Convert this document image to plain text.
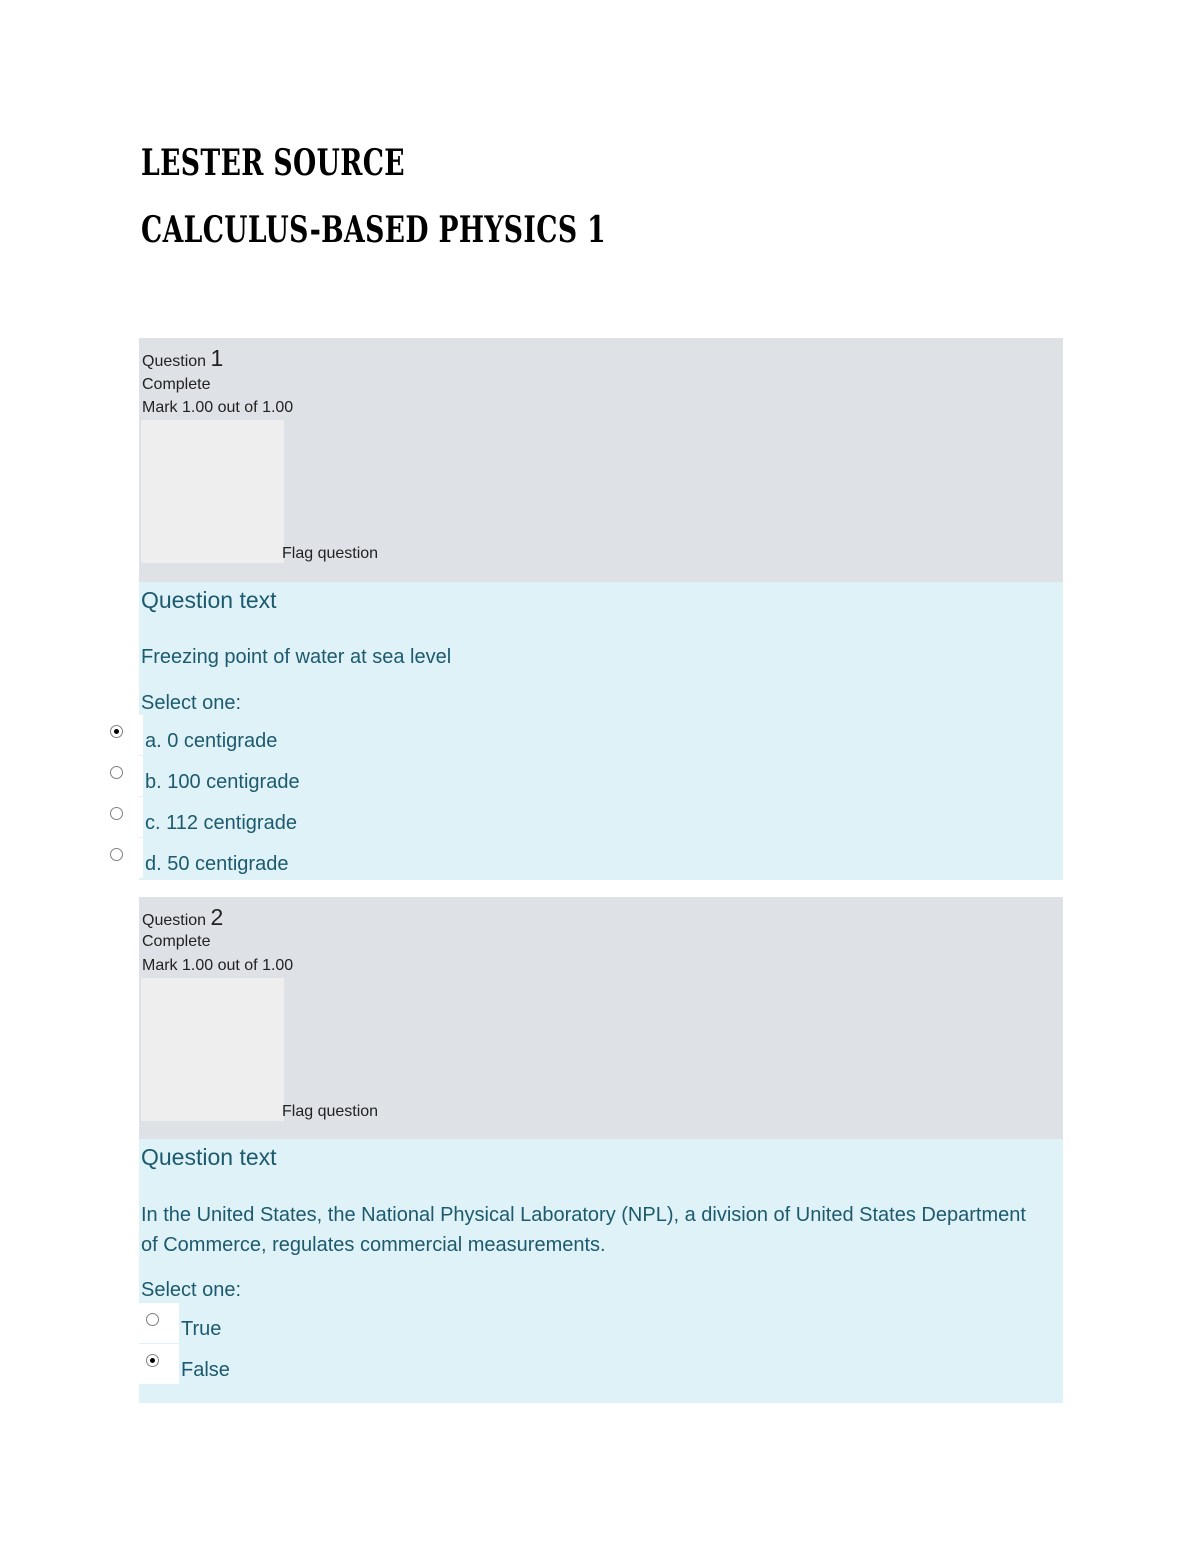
LESTER SOURCE
CALCULUS-BASED PHYSICS 1
Question 1
Complete
Mark 1.00 out of 1.00
Flag question
Question text
Freezing point of water at sea level
Select one:
a. 0 centigrade
b. 100 centigrade
c. 112 centigrade
d. 50 centigrade
Question 2
Complete
Mark 1.00 out of 1.00
Flag question
Question text
In the United States, the National Physical Laboratory (NPL), a division of United States Department of Commerce, regulates commercial measurements.
Select one:
True
False
